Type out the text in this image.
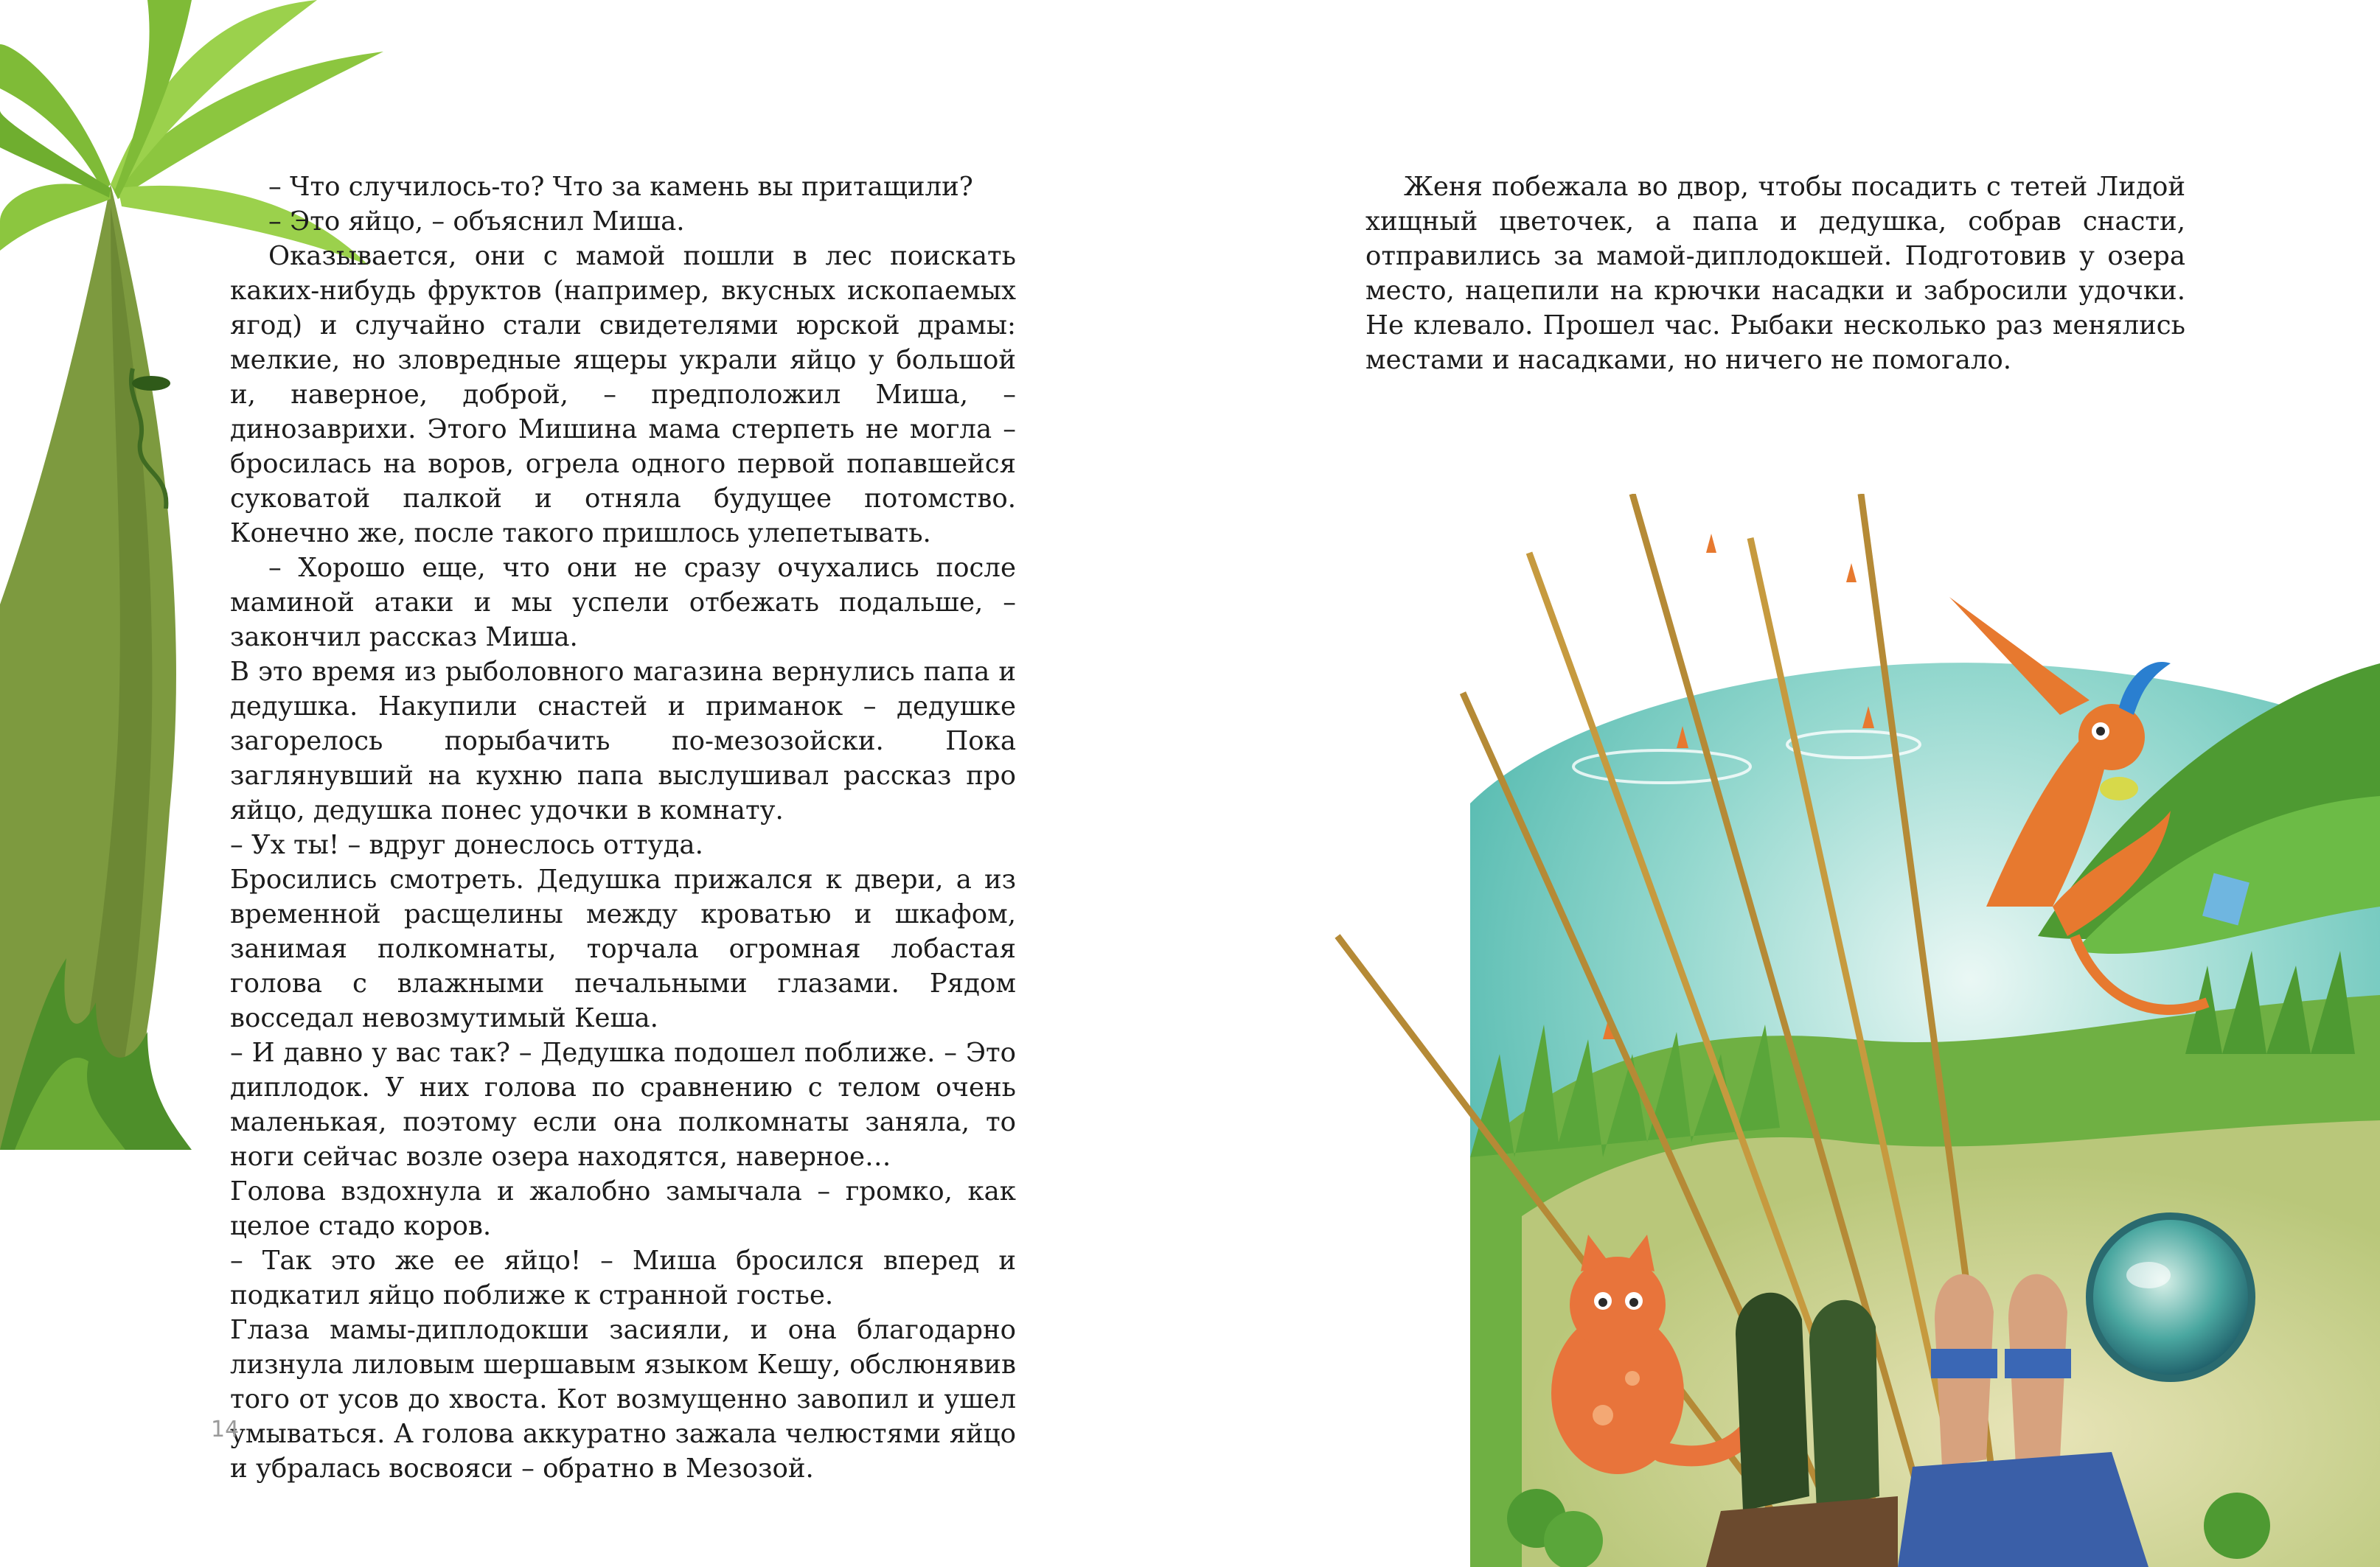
– Что случилось-то? Что за камень вы притащили?

– Это яйцо, – объяснил Миша.

Оказывается, они с мамой пошли в лес поискать каких-нибудь фруктов (например, вкусных ископаемых ягод) и случайно стали свидетелями юрской драмы: мелкие, но зловредные ящеры украли яйцо у большой и, наверное, доброй, – предположил Миша, – динозаврихи. Этого Мишина мама стерпеть не могла – бросилась на воров, огрела одного первой попавшейся суковатой палкой и отняла будущее потомство. Конечно же, после такого пришлось улепетывать.

– Хорошо еще, что они не сразу очухались после маминой атаки и мы успели отбежать подальше, – закончил рассказ Миша.

В это время из рыболовного магазина вернулись папа и дедушка. Накупили снастей и приманок – дедушке загорелось порыбачить по-мезозойски. Пока заглянувший на кухню папа выслушивал рассказ про яйцо, дедушка понес удочки в комнату.

– Ух ты! – вдруг донеслось оттуда.

Бросились смотреть. Дедушка прижался к двери, а из временной расщелины между кроватью и шкафом, занимая полкомнаты, торчала огромная лобастая голова с влажными печальными глазами. Рядом восседал невозмутимый Кеша.

– И давно у вас так? – Дедушка подошел поближе. – Это диплодок. У них голова по сравнению с телом очень маленькая, поэтому если она полкомнаты заняла, то ноги сейчас возле озера находятся, наверное…

Голова вздохнула и жалобно замычала – громко, как целое стадо коров.

– Так это же ее яйцо! – Миша бросился вперед и подкатил яйцо поближе к странной гостье.

Глаза мамы-диплодокши засияли, и она благодарно лизнула лиловым шершавым языком Кешу, обслюнявив того от усов до хвоста. Кот возмущенно завопил и ушел умываться. А голова аккуратно зажала челюстями яйцо и убралась восвояси – обратно в Мезозой.

14

Женя побежала во двор, чтобы посадить с тетей Лидой хищный цветочек, а папа и дедушка, собрав снасти, отправились за мамой-диплодокшей. Подготовив у озера место, нацепили на крючки насадки и забросили удочки. Не клевало. Прошел час. Рыбаки несколько раз менялись местами и насадками, но ничего не помогало.
